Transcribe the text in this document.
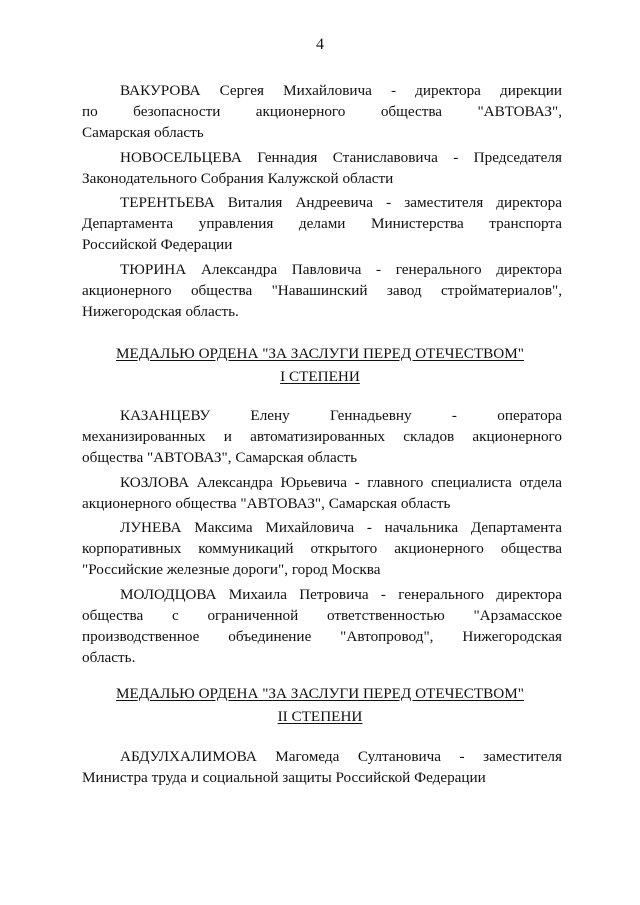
4

ВАКУРОВА Сергея Михайловича - директора дирекции
по безопасности акционерного общества "АВТОВАЗ",
Самарская область

НОВОСЕЛЬЦЕВА Геннадия Станиславовича - Председателя
Законодательного Собрания Калужской области

ТЕРЕНТЬЕВА Виталия Андреевича - заместителя директора
Департамента управления делами Министерства транспорта
Российской Федерации

ТЮРИНА Александра Павловича - генерального директора
акционерного общества "Навашинский завод стройматериалов",
Нижегородская область.

МЕДАЛЬЮ ОРДЕНА "ЗА ЗАСЛУГИ ПЕРЕД ОТЕЧЕСТВОМ"
I СТЕПЕНИ

КАЗАНЦЕВУ Елену Геннадьевну - оператора
механизированных и автоматизированных складов акционерного
общества "АВТОВАЗ", Самарская область

КОЗЛОВА Александра Юрьевича - главного специалиста отдела
акционерного общества "АВТОВАЗ", Самарская область

ЛУНЕВА Максима Михайловича - начальника Департамента
корпоративных коммуникаций открытого акционерного общества
"Российские железные дороги", город Москва

МОЛОДЦОВА Михаила Петровича - генерального директора
общества с ограниченной ответственностью "Арзамасское
производственное объединение "Автопровод", Нижегородская
область.

МЕДАЛЬЮ ОРДЕНА "ЗА ЗАСЛУГИ ПЕРЕД ОТЕЧЕСТВОМ"
II СТЕПЕНИ

АБДУЛХАЛИМОВА Магомеда Султановича - заместителя
Министра труда и социальной защиты Российской Федерации
